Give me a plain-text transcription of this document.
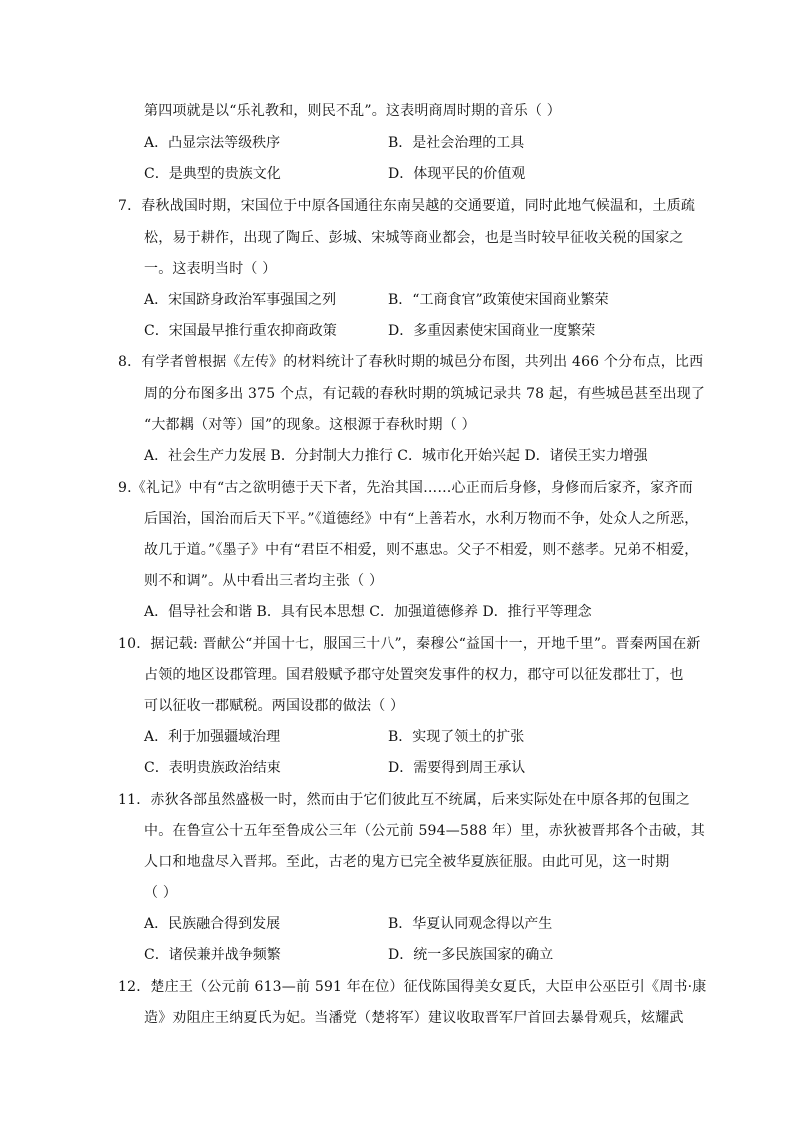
第四项就是以“乐礼教和，则民不乱”。这表明商周时期的音乐（ ）
A．凸显宗法等级秩序	B．是社会治理的工具
C．是典型的贵族文化	D．体现平民的价值观
7．春秋战国时期，宋国位于中原各国通往东南吴越的交通要道，同时此地气候温和，土质疏
松，易于耕作，出现了陶丘、彭城、宋城等商业都会，也是当时较早征收关税的国家之
一。这表明当时（ ）
A．宋国跻身政治军事强国之列	B．“工商食官”政策使宋国商业繁荣
C．宋国最早推行重农抑商政策	D．多重因素使宋国商业一度繁荣
8．有学者曾根据《左传》的材料统计了春秋时期的城邑分布图，共列出 466 个分布点，比西
周的分布图多出 375 个点，有记载的春秋时期的筑城记录共 78 起，有些城邑甚至出现了
“大都耦（对等）国”的现象。这根源于春秋时期（ ）
A．社会生产力发展 B．分封制大力推行 C．城市化开始兴起 D．诸侯王实力增强
9.《礼记》中有“古之欲明德于天下者，先治其国……心正而后身修，身修而后家齐，家齐而
后国治，国治而后天下平。”《道德经》中有“上善若水，水利万物而不争，处众人之所恶，
故几于道。”《墨子》中有“君臣不相爱，则不惠忠。父子不相爱，则不慈孝。兄弟不相爱，
则不和调”。从中看出三者均主张（ ）
A．倡导社会和谐 B．具有民本思想 C．加强道德修养 D．推行平等理念
10．据记载: 晋献公“并国十七，服国三十八”，秦穆公“益国十一，开地千里”。晋秦两国在新
占领的地区设郡管理。国君般赋予郡守处置突发事件的权力，郡守可以征发郡壮丁，也
可以征收一郡赋税。两国设郡的做法（ ）
A．利于加强疆域治理	B．实现了领土的扩张
C．表明贵族政治结束	D．需要得到周王承认
11．赤狄各部虽然盛极一时，然而由于它们彼此互不统属，后来实际处在中原各邦的包围之
中。在鲁宣公十五年至鲁成公三年（公元前 594—588 年）里，赤狄被晋邦各个击破，其
人口和地盘尽入晋邦。至此，古老的鬼方已完全被华夏族征服。由此可见，这一时期
（ ）
A．民族融合得到发展	B．华夏认同观念得以产生
C．诸侯兼并战争频繁	D．统一多民族国家的确立
12．楚庄王（公元前 613—前 591 年在位）征伐陈国得美女夏氏，大臣申公巫臣引《周书·康
造》劝阻庄王纳夏氏为妃。当潘党（楚将军）建议收取晋军尸首回去暴骨观兵，炫耀武
